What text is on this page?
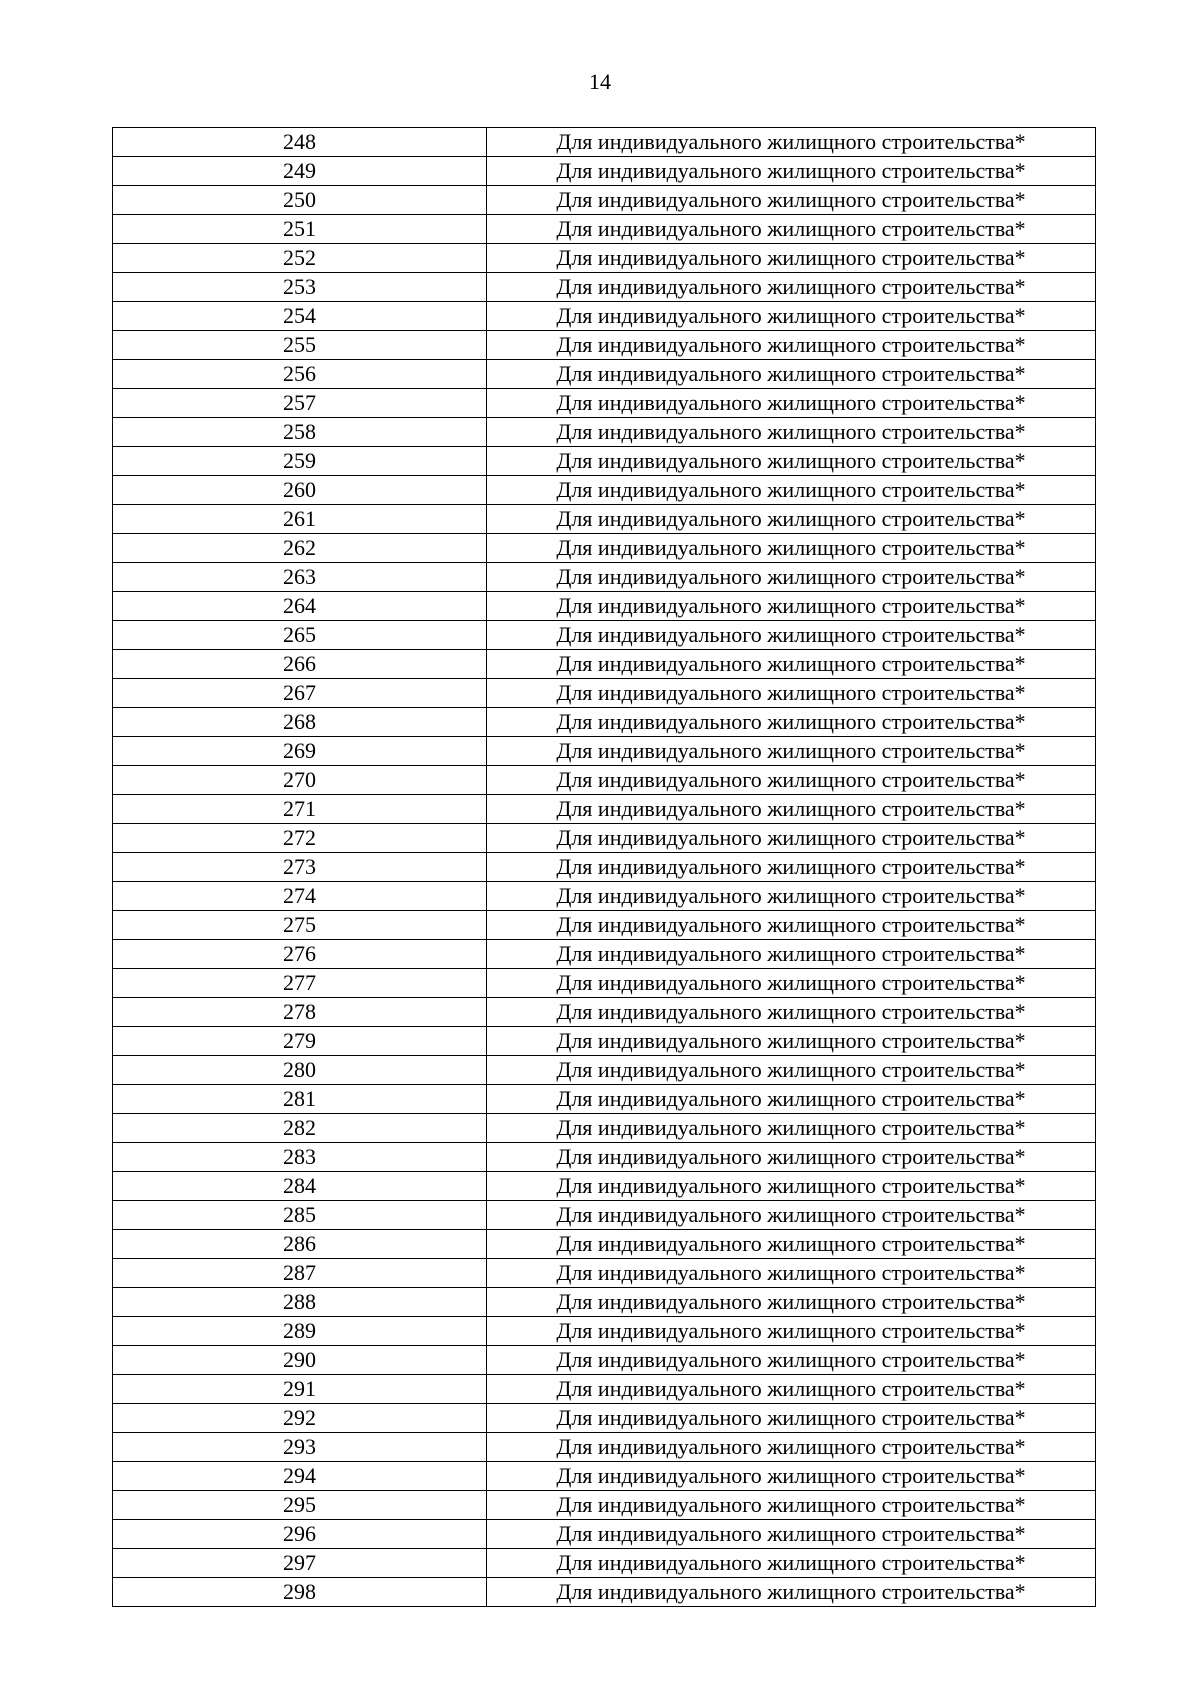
14
248	Для индивидуального жилищного строительства*
249	Для индивидуального жилищного строительства*
250	Для индивидуального жилищного строительства*
251	Для индивидуального жилищного строительства*
252	Для индивидуального жилищного строительства*
253	Для индивидуального жилищного строительства*
254	Для индивидуального жилищного строительства*
255	Для индивидуального жилищного строительства*
256	Для индивидуального жилищного строительства*
257	Для индивидуального жилищного строительства*
258	Для индивидуального жилищного строительства*
259	Для индивидуального жилищного строительства*
260	Для индивидуального жилищного строительства*
261	Для индивидуального жилищного строительства*
262	Для индивидуального жилищного строительства*
263	Для индивидуального жилищного строительства*
264	Для индивидуального жилищного строительства*
265	Для индивидуального жилищного строительства*
266	Для индивидуального жилищного строительства*
267	Для индивидуального жилищного строительства*
268	Для индивидуального жилищного строительства*
269	Для индивидуального жилищного строительства*
270	Для индивидуального жилищного строительства*
271	Для индивидуального жилищного строительства*
272	Для индивидуального жилищного строительства*
273	Для индивидуального жилищного строительства*
274	Для индивидуального жилищного строительства*
275	Для индивидуального жилищного строительства*
276	Для индивидуального жилищного строительства*
277	Для индивидуального жилищного строительства*
278	Для индивидуального жилищного строительства*
279	Для индивидуального жилищного строительства*
280	Для индивидуального жилищного строительства*
281	Для индивидуального жилищного строительства*
282	Для индивидуального жилищного строительства*
283	Для индивидуального жилищного строительства*
284	Для индивидуального жилищного строительства*
285	Для индивидуального жилищного строительства*
286	Для индивидуального жилищного строительства*
287	Для индивидуального жилищного строительства*
288	Для индивидуального жилищного строительства*
289	Для индивидуального жилищного строительства*
290	Для индивидуального жилищного строительства*
291	Для индивидуального жилищного строительства*
292	Для индивидуального жилищного строительства*
293	Для индивидуального жилищного строительства*
294	Для индивидуального жилищного строительства*
295	Для индивидуального жилищного строительства*
296	Для индивидуального жилищного строительства*
297	Для индивидуального жилищного строительства*
298	Для индивидуального жилищного строительства*
